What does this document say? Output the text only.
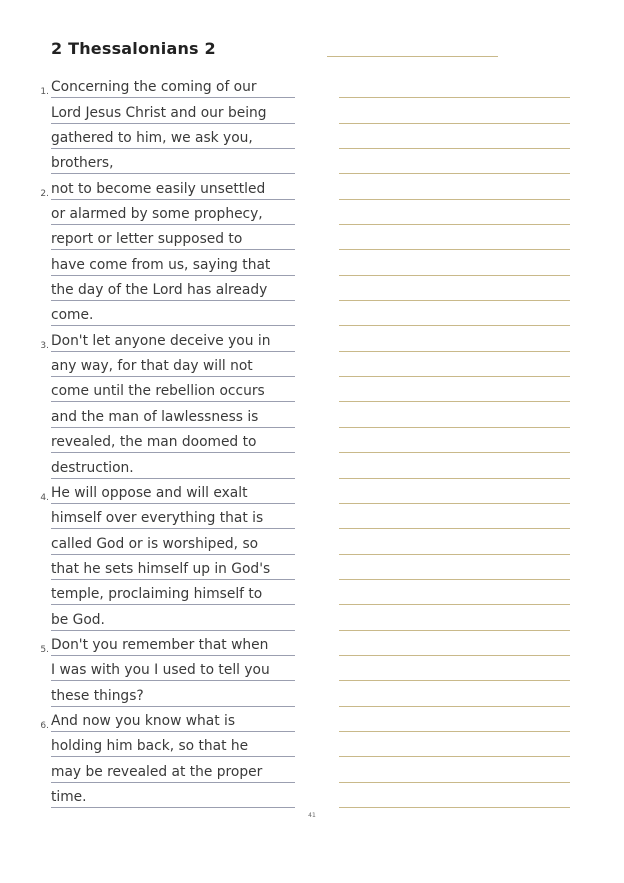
2 Thessalonians 2
1. Concerning the coming of our
Lord Jesus Christ and our being
gathered to him, we ask you,
brothers,
2. not to become easily unsettled
or alarmed by some prophecy,
report or letter supposed to
have come from us, saying that
the day of the Lord has already
come.
3. Don't let anyone deceive you in
any way, for that day will not
come until the rebellion occurs
and the man of lawlessness is
revealed, the man doomed to
destruction.
4. He will oppose and will exalt
himself over everything that is
called God or is worshiped, so
that he sets himself up in God's
temple, proclaiming himself to
be God.
5. Don't you remember that when
I was with you I used to tell you
these things?
6. And now you know what is
holding him back, so that he
may be revealed at the proper
time.
41
